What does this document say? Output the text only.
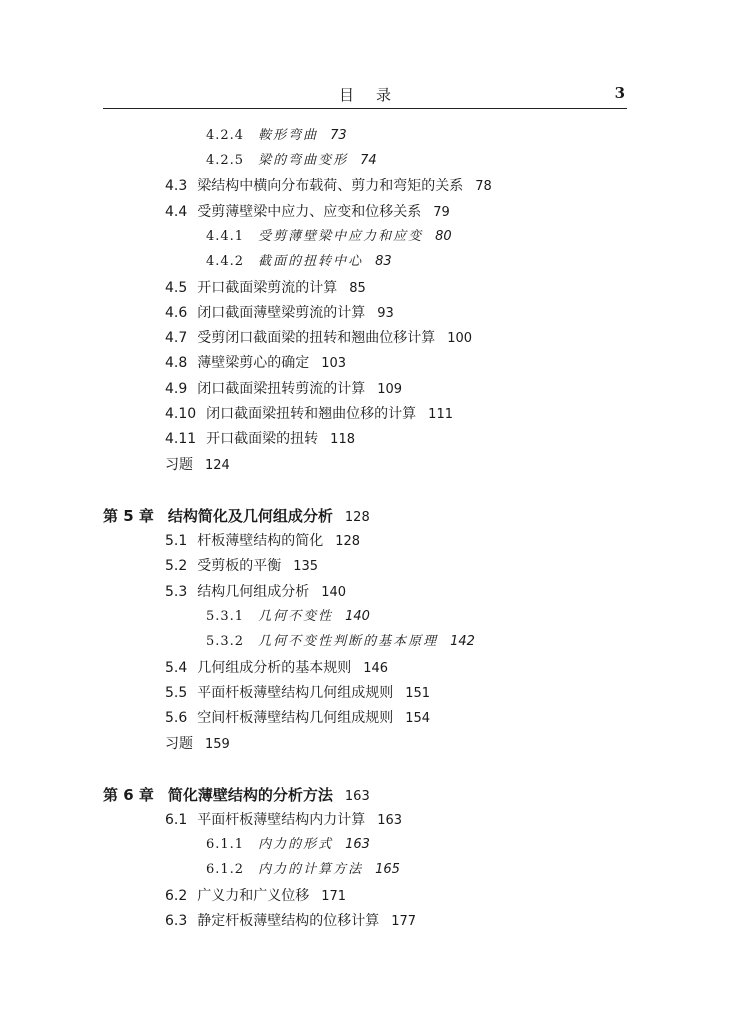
目录	3
4.2.4 鞍形弯曲 73
4.2.5 梁的弯曲变形 74
4.3 梁结构中横向分布载荷、剪力和弯矩的关系 78
4.4 受剪薄壁梁中应力、应变和位移关系 79
4.4.1 受剪薄壁梁中应力和应变 80
4.4.2 截面的扭转中心 83
4.5 开口截面梁剪流的计算 85
4.6 闭口截面薄壁梁剪流的计算 93
4.7 受剪闭口截面梁的扭转和翘曲位移计算 100
4.8 薄壁梁剪心的确定 103
4.9 闭口截面梁扭转剪流的计算 109
4.10 闭口截面梁扭转和翘曲位移的计算 111
4.11 开口截面梁的扭转 118
习题 124
第 5 章 结构简化及几何组成分析 128
5.1 杆板薄壁结构的简化 128
5.2 受剪板的平衡 135
5.3 结构几何组成分析 140
5.3.1 几何不变性 140
5.3.2 几何不变性判断的基本原理 142
5.4 几何组成分析的基本规则 146
5.5 平面杆板薄壁结构几何组成规则 151
5.6 空间杆板薄壁结构几何组成规则 154
习题 159
第 6 章 简化薄壁结构的分析方法 163
6.1 平面杆板薄壁结构内力计算 163
6.1.1 内力的形式 163
6.1.2 内力的计算方法 165
6.2 广义力和广义位移 171
6.3 静定杆板薄壁结构的位移计算 177
